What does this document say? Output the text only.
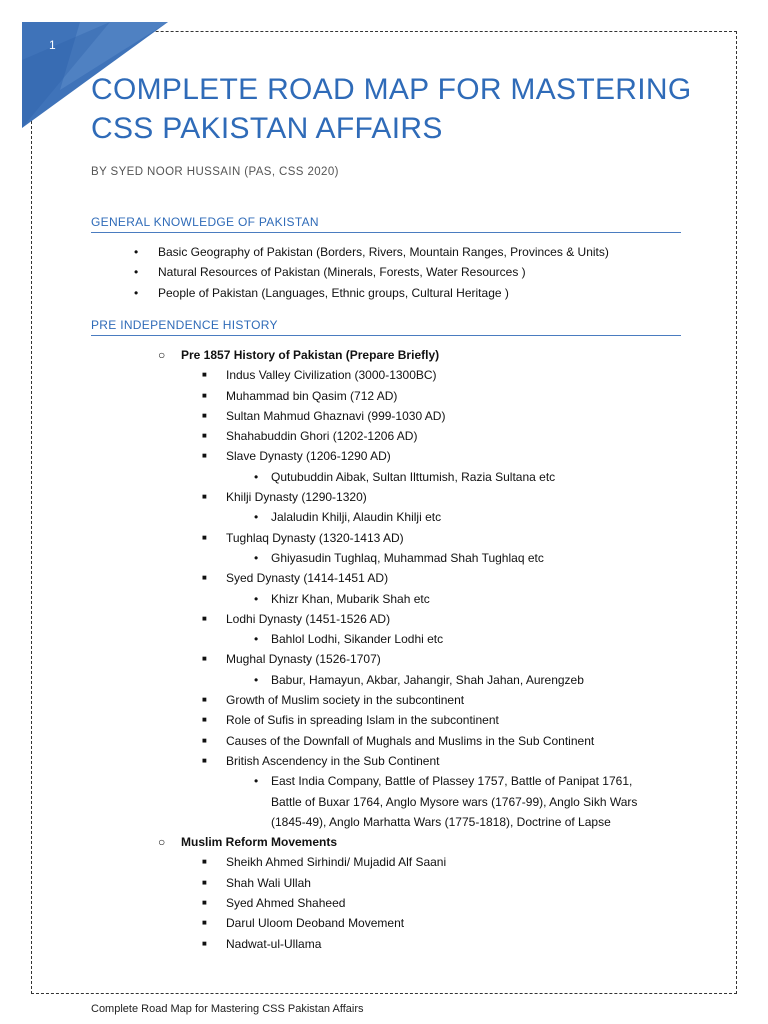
1
COMPLETE ROAD MAP FOR MASTERING
CSS PAKISTAN AFFAIRS
BY SYED NOOR HUSSAIN (PAS, CSS 2020)
GENERAL KNOWLEDGE OF PAKISTAN
• Basic Geography of Pakistan (Borders, Rivers, Mountain Ranges, Provinces & Units)
• Natural Resources of Pakistan (Minerals, Forests, Water Resources )
• People of Pakistan (Languages, Ethnic groups, Cultural Heritage )
PRE INDEPENDENCE HISTORY
○ Pre 1857 History of Pakistan (Prepare Briefly)
■ Indus Valley Civilization (3000-1300BC)
■ Muhammad bin Qasim (712 AD)
■ Sultan Mahmud Ghaznavi (999-1030 AD)
■ Shahabuddin Ghori (1202-1206 AD)
■ Slave Dynasty (1206-1290 AD)
• Qutubuddin Aibak, Sultan Ilttumish, Razia Sultana etc
■ Khilji Dynasty (1290-1320)
• Jalaludin Khilji, Alaudin Khilji etc
■ Tughlaq Dynasty (1320-1413 AD)
• Ghiyasudin Tughlaq, Muhammad Shah Tughlaq etc
■ Syed Dynasty (1414-1451 AD)
• Khizr Khan, Mubarik Shah etc
■ Lodhi Dynasty (1451-1526 AD)
• Bahlol Lodhi, Sikander Lodhi etc
■ Mughal Dynasty (1526-1707)
• Babur, Hamayun, Akbar, Jahangir, Shah Jahan, Aurengzeb
■ Growth of Muslim society in the subcontinent
■ Role of Sufis in spreading Islam in the subcontinent
■ Causes of the Downfall of Mughals and Muslims in the Sub Continent
■ British Ascendency in the Sub Continent
• East India Company, Battle of Plassey 1757, Battle of Panipat 1761,
Battle of Buxar 1764, Anglo Mysore wars (1767-99), Anglo Sikh Wars
(1845-49), Anglo Marhatta Wars (1775-1818), Doctrine of Lapse
○ Muslim Reform Movements
■ Sheikh Ahmed Sirhindi/ Mujadid Alf Saani
■ Shah Wali Ullah
■ Syed Ahmed Shaheed
■ Darul Uloom Deoband Movement
■ Nadwat-ul-Ullama
Complete Road Map for Mastering CSS Pakistan Affairs
